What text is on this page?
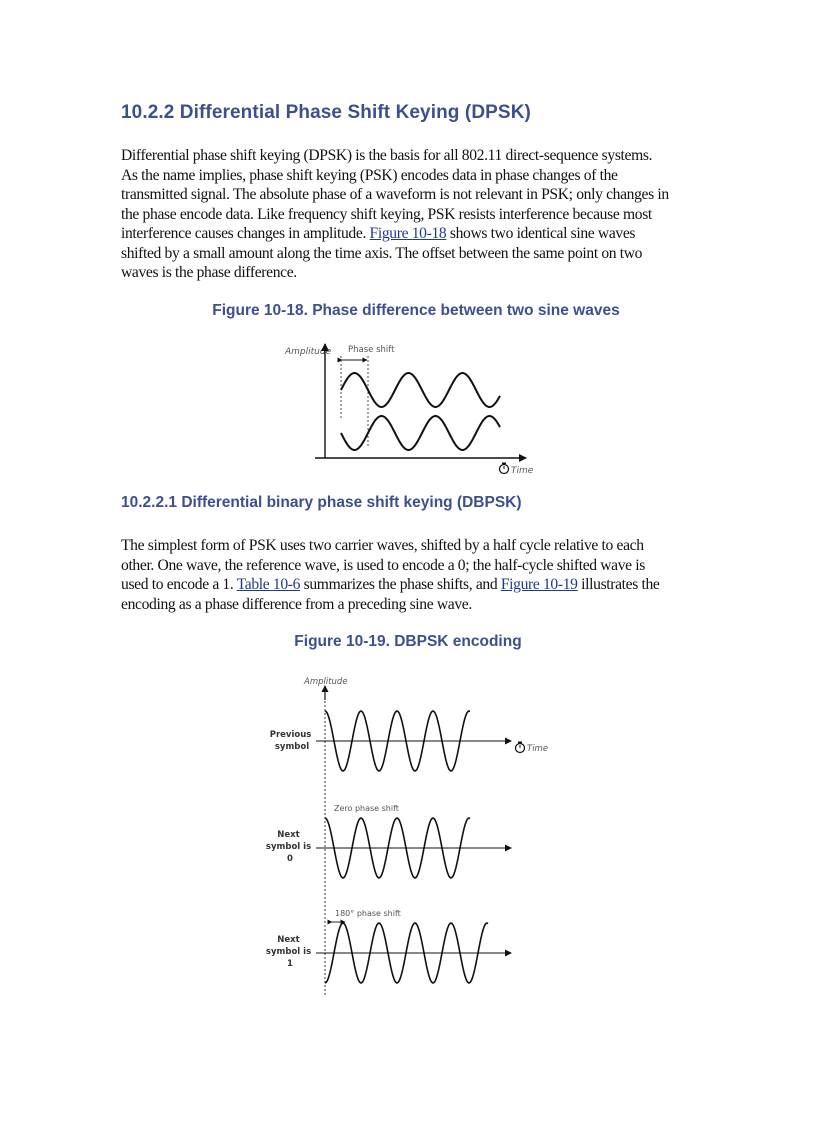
10.2.2 Differential Phase Shift Keying (DPSK)

Differential phase shift keying (DPSK) is the basis for all 802.11 direct-sequence systems. As the name implies, phase shift keying (PSK) encodes data in phase changes of the transmitted signal. The absolute phase of a waveform is not relevant in PSK; only changes in the phase encode data. Like frequency shift keying, PSK resists interference because most interference causes changes in amplitude. Figure 10-18 shows two identical sine waves shifted by a small amount along the time axis. The offset between the same point on two waves is the phase difference.

Figure 10-18. Phase difference between two sine waves
Amplitude Phase shift
Time
10.2.2.1 Differential binary phase shift keying (DBPSK)

The simplest form of PSK uses two carrier waves, shifted by a half cycle relative to each other. One wave, the reference wave, is used to encode a 0; the half-cycle shifted wave is used to encode a 1. Table 10-6 summarizes the phase shifts, and Figure 10-19 illustrates the encoding as a phase difference from a preceding sine wave.

Figure 10-19. DBPSK encoding
Amplitude
Previous symbol	Time
Zero phase shift
Next symbol is 0
180° phase shift
Next symbol is 1
